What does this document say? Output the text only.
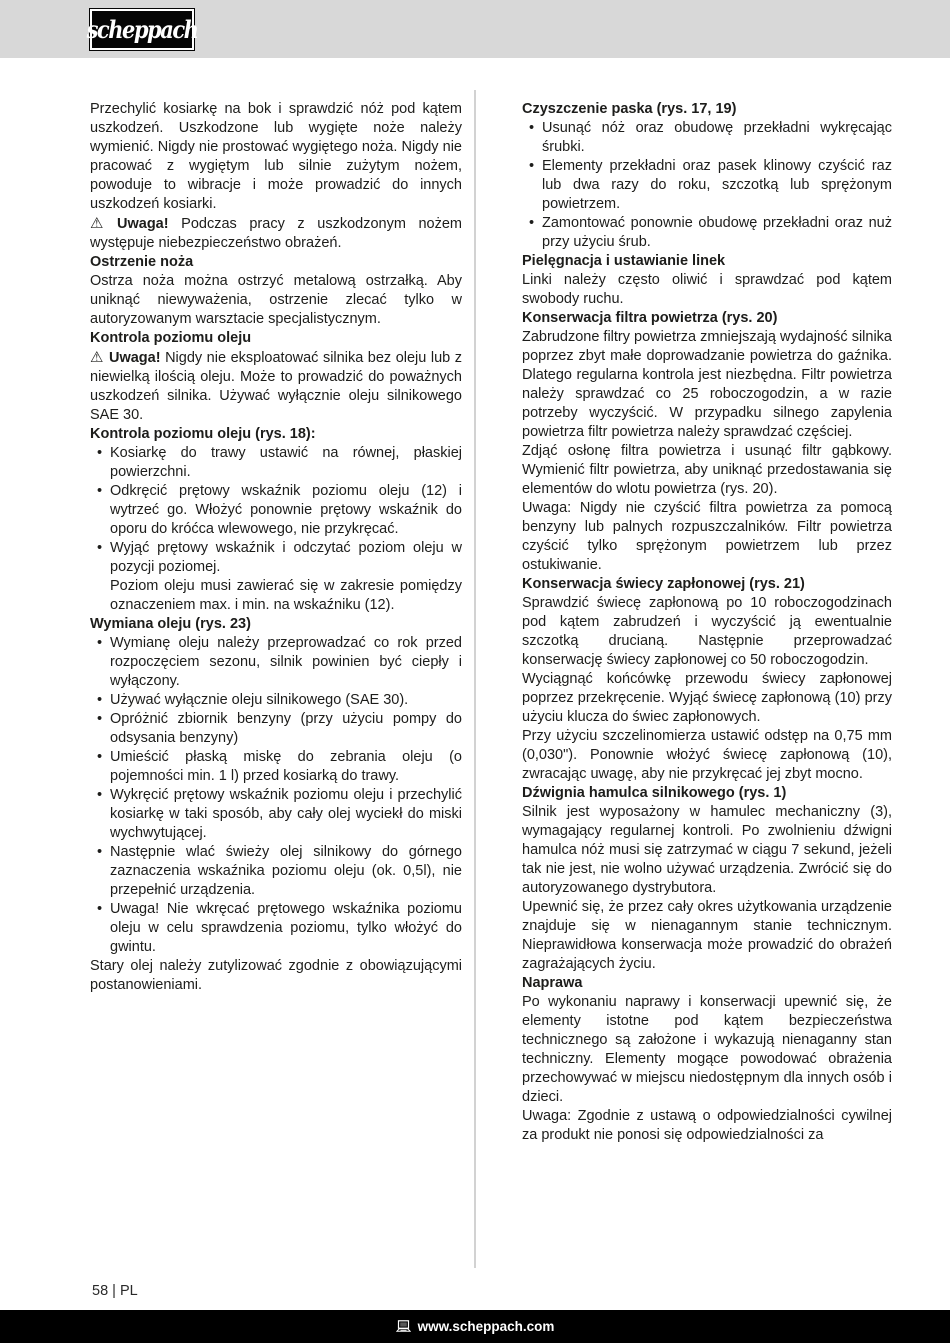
scheppach

Przechylić kosiarkę na bok i sprawdzić nóż pod kątem uszkodzeń. Uszkodzone lub wygięte noże należy wymienić. Nigdy nie prostować wygiętego noża. Nigdy nie pracować z wygiętym lub silnie zużytym nożem, powoduje to wibracje i może prowadzić do innych uszkodzeń kosiarki.

⚠ Uwaga! Podczas pracy z uszkodzonym nożem występuje niebezpieczeństwo obrażeń.

Ostrzenie noża

Ostrza noża można ostrzyć metalową ostrzałką. Aby uniknąć niewyważenia, ostrzenie zlecać tylko w autoryzowanym warsztacie specjalistycznym.

Kontrola poziomu oleju

⚠ Uwaga! Nigdy nie eksploatować silnika bez oleju lub z niewielką ilością oleju. Może to prowadzić do poważnych uszkodzeń silnika. Używać wyłącznie oleju silnikowego SAE 30.

Kontrola poziomu oleju (rys. 18):
• Kosiarkę do trawy ustawić na równej, płaskiej powierzchni.
• Odkręcić prętowy wskaźnik poziomu oleju (12) i wytrzeć go. Włożyć ponownie prętowy wskaźnik do oporu do króćca wlewowego, nie przykręcać.
• Wyjąć prętowy wskaźnik i odczytać poziom oleju w pozycji poziomej.
Poziom oleju musi zawierać się w zakresie pomiędzy oznaczeniem max. i min. na wskaźniku (12).
Wymiana oleju (rys. 23)
• Wymianę oleju należy przeprowadzać co rok przed rozpoczęciem sezonu, silnik powinien być ciepły i wyłączony.
• Używać wyłącznie oleju silnikowego (SAE 30).
• Opróżnić zbiornik benzyny (przy użyciu pompy do odsysania benzyny)
• Umieścić płaską miskę do zebrania oleju (o pojemności min. 1 l) przed kosiarką do trawy.
• Wykręcić prętowy wskaźnik poziomu oleju i przechylić kosiarkę w taki sposób, aby cały olej wyciekł do miski wychwytującej.
• Następnie wlać świeży olej silnikowy do górnego zaznaczenia wskaźnika poziomu oleju (ok. 0,5l), nie przepełnić urządzenia.
• Uwaga! Nie wkręcać prętowego wskaźnika poziomu oleju w celu sprawdzenia poziomu, tylko włożyć do gwintu.

Stary olej należy zutylizować zgodnie z obowiązującymi postanowieniami.

Czyszczenie paska (rys. 17, 19)
• Usunąć nóż oraz obudowę przekładni wykręcając śrubki.
• Elementy przekładni oraz pasek klinowy czyścić raz lub dwa razy do roku, szczotką lub sprężonym powietrzem.
• Zamontować ponownie obudowę przekładni oraz nuż przy użyciu śrub.
Pielęgnacja i ustawianie linek

Linki należy często oliwić i sprawdzać pod kątem swobody ruchu.

Konserwacja filtra powietrza (rys. 20)

Zabrudzone filtry powietrza zmniejszają wydajność silnika poprzez zbyt małe doprowadzanie powietrza do gaźnika. Dlatego regularna kontrola jest niezbędna. Filtr powietrza należy sprawdzać co 25 roboczogodzin, a w razie potrzeby wyczyścić. W przypadku silnego zapylenia powietrza filtr powietrza należy sprawdzać częściej.

Zdjąć osłonę filtra powietrza i usunąć filtr gąbkowy. Wymienić filtr powietrza, aby uniknąć przedostawania się elementów do wlotu powietrza (rys. 20).

Uwaga: Nigdy nie czyścić filtra powietrza za pomocą benzyny lub palnych rozpuszczalników. Filtr powietrza czyścić tylko sprężonym powietrzem lub przez ostukiwanie.

Konserwacja świecy zapłonowej (rys. 21)

Sprawdzić świecę zapłonową po 10 roboczogodzinach pod kątem zabrudzeń i wyczyścić ją ewentualnie szczotką drucianą. Następnie przeprowadzać konserwację świecy zapłonowej co 50 roboczogodzin.

Wyciągnąć końcówkę przewodu świecy zapłonowej poprzez przekręcenie. Wyjąć świecę zapłonową (10) przy użyciu klucza do świec zapłonowych.

Przy użyciu szczelinomierza ustawić odstęp na 0,75 mm (0,030"). Ponownie włożyć świecę zapłonową (10), zwracając uwagę, aby nie przykręcać jej zbyt mocno.

Dźwignia hamulca silnikowego (rys. 1)

Silnik jest wyposażony w hamulec mechaniczny (3), wymagający regularnej kontroli. Po zwolnieniu dźwigni hamulca nóż musi się zatrzymać w ciągu 7 sekund, jeżeli tak nie jest, nie wolno używać urządzenia. Zwrócić się do autoryzowanego dystrybutora.

Upewnić się, że przez cały okres użytkowania urządzenie znajduje się w nienagannym stanie technicznym. Nieprawidłowa konserwacja może prowadzić do obrażeń zagrażających życiu.

Naprawa

Po wykonaniu naprawy i konserwacji upewnić się, że elementy istotne pod kątem bezpieczeństwa technicznego są założone i wykazują nienaganny stan techniczny. Elementy mogące powodować obrażenia przechowywać w miejscu niedostępnym dla innych osób i dzieci.

Uwaga: Zgodnie z ustawą o odpowiedzialności cywilnej za produkt nie ponosi się odpowiedzialności za

58 | PL
www.scheppach.com
